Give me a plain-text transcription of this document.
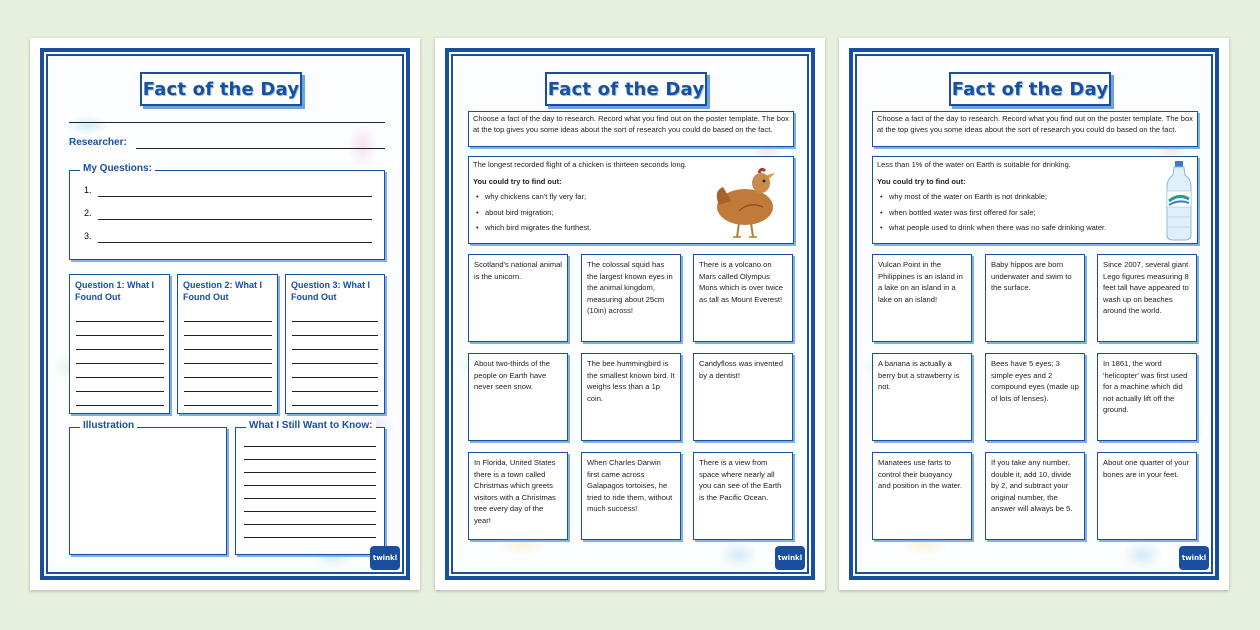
Fact of the Day
Researcher:
My Questions:
1.
2.
3.
Question 1: What I Found Out
Question 2: What I Found Out
Question 3: What I Found Out
Illustration	What I Still Want to Know:
twinkl
Fact of the Day
Choose a fact of the day to research. Record what you find out on the poster template. The box at the top gives you some ideas about the sort of research you could do based on the fact.
The longest recorded flight of a chicken is thirteen seconds long.
You could try to find out:
• why chickens can't fly very far;
• about bird migration;
• which bird migrates the furthest.
Scotland's national animal is the unicorn.
The colossal squid has the largest known eyes in the animal kingdom, measuring about 25cm (10in) across!
There is a volcano on Mars called Olympus Mons which is over twice as tall as Mount Everest!
About two-thirds of the people on Earth have never seen snow.
The bee hummingbird is the smallest known bird. It weighs less than a 1p coin.
Candyfloss was invented by a dentist!
In Florida, United States there is a town called Christmas which greets visitors with a Christmas tree every day of the year!
When Charles Darwin first came across Galapagos tortoises, he tried to ride them, without much success!
There is a view from space where nearly all you can see of the Earth is the Pacific Ocean.
twinkl
Fact of the Day
Choose a fact of the day to research. Record what you find out on the poster template. The box at the top gives you some ideas about the sort of research you could do based on the fact.
Less than 1% of the water on Earth is suitable for drinking.
You could try to find out:
• why most of the water on Earth is not drinkable;
• when bottled water was first offered for sale;
• what people used to drink when there was no safe drinking water.
Vulcan Point in the Philippines is an island in a lake on an island in a lake on an island!
Baby hippos are born underwater and swim to the surface.
Since 2007, several giant Lego figures measuring 8 feet tall have appeared to wash up on beaches around the world.
A banana is actually a berry but a strawberry is not.
Bees have 5 eyes; 3 simple eyes and 2 compound eyes (made up of lots of lenses).
In 1861, the word 'helicopter' was first used for a machine which did not actually lift off the ground.
Manatees use farts to control their buoyancy and position in the water.
If you take any number, double it, add 10, divide by 2, and subtract your original number, the answer will always be 5.
About one quarter of your bones are in your feet.
twinkl
